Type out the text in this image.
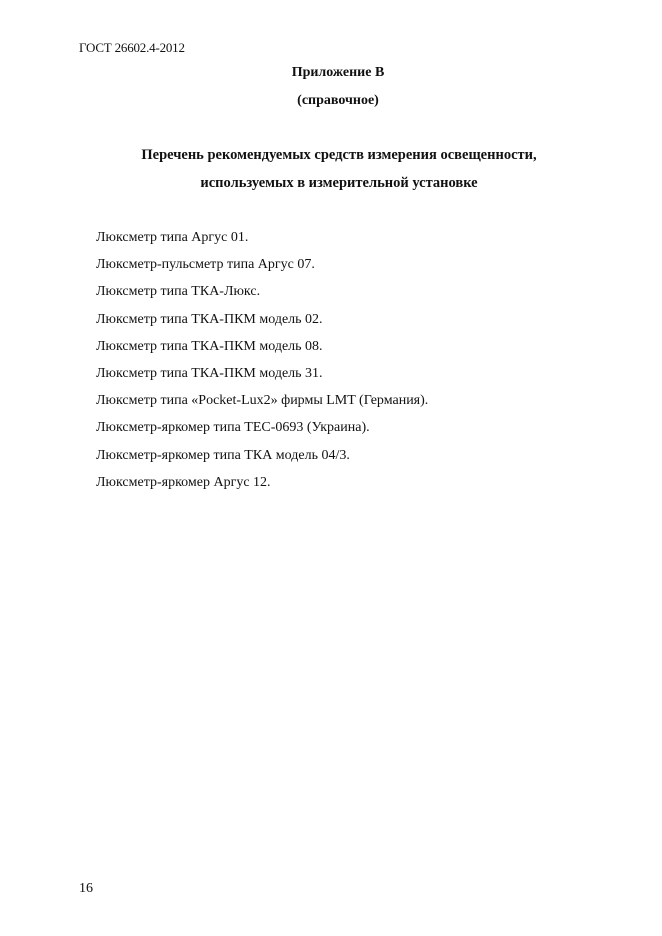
ГОСТ 26602.4-2012
Приложение В
(справочное)
Перечень рекомендуемых средств измерения освещенности,
используемых в измерительной установке
Люксметр типа Аргус 01.
Люксметр-пульсметр типа Аргус 07.
Люксметр типа ТКА-Люкс.
Люксметр типа ТКА-ПКМ модель 02.
Люксметр типа ТКА-ПКМ модель 08.
Люксметр типа ТКА-ПКМ модель 31.
Люксметр типа «Pocket-Lux2» фирмы LMT (Германия).
Люксметр-яркомер типа ТЕС-0693 (Украина).
Люксметр-яркомер типа ТКА модель 04/3.
Люксметр-яркомер Аргус 12.
16
